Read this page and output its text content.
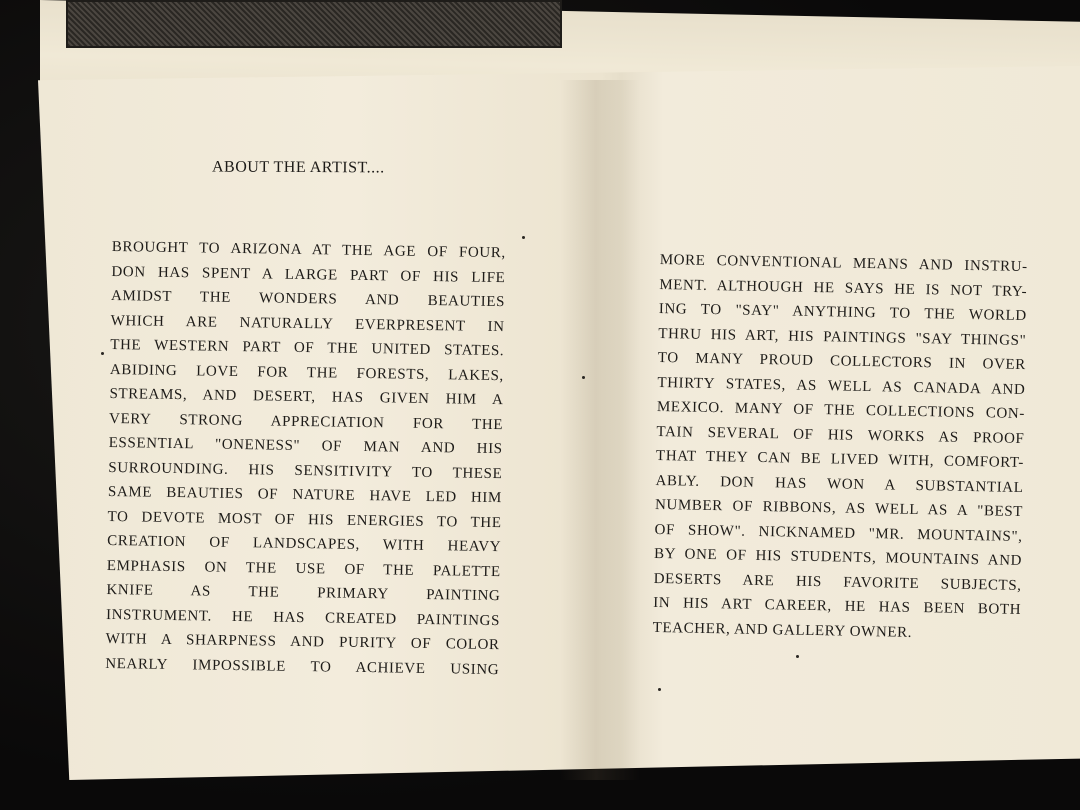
ABOUT THE ARTIST....
BROUGHT TO ARIZONA AT THE AGE OF FOUR,
DON HAS SPENT A LARGE PART OF HIS LIFE
AMIDST THE WONDERS AND BEAUTIES
WHICH ARE NATURALLY EVERPRESENT IN
THE WESTERN PART OF THE UNITED STATES.
ABIDING LOVE FOR THE FORESTS, LAKES,
STREAMS, AND DESERT, HAS GIVEN HIM A
VERY STRONG APPRECIATION FOR THE
ESSENTIAL "ONENESS" OF MAN AND HIS
SURROUNDING. HIS SENSITIVITY TO THESE
SAME BEAUTIES OF NATURE HAVE LED HIM
TO DEVOTE MOST OF HIS ENERGIES TO THE
CREATION OF LANDSCAPES, WITH HEAVY
EMPHASIS ON THE USE OF THE PALETTE
KNIFE AS THE PRIMARY PAINTING
INSTRUMENT. HE HAS CREATED PAINTINGS
WITH A SHARPNESS AND PURITY OF COLOR
NEARLY IMPOSSIBLE TO ACHIEVE USING
MORE CONVENTIONAL MEANS AND INSTRU-
MENT. ALTHOUGH HE SAYS HE IS NOT TRY-
ING TO "SAY" ANYTHING TO THE WORLD
THRU HIS ART, HIS PAINTINGS "SAY THINGS"
TO MANY PROUD COLLECTORS IN OVER
THIRTY STATES, AS WELL AS CANADA AND
MEXICO. MANY OF THE COLLECTIONS CON-
TAIN SEVERAL OF HIS WORKS AS PROOF
THAT THEY CAN BE LIVED WITH, COMFORT-
ABLY. DON HAS WON A SUBSTANTIAL
NUMBER OF RIBBONS, AS WELL AS A "BEST
OF SHOW". NICKNAMED "MR. MOUNTAINS",
BY ONE OF HIS STUDENTS, MOUNTAINS AND
DESERTS ARE HIS FAVORITE SUBJECTS,
IN HIS ART CAREER, HE HAS BEEN BOTH
TEACHER, AND GALLERY OWNER.
